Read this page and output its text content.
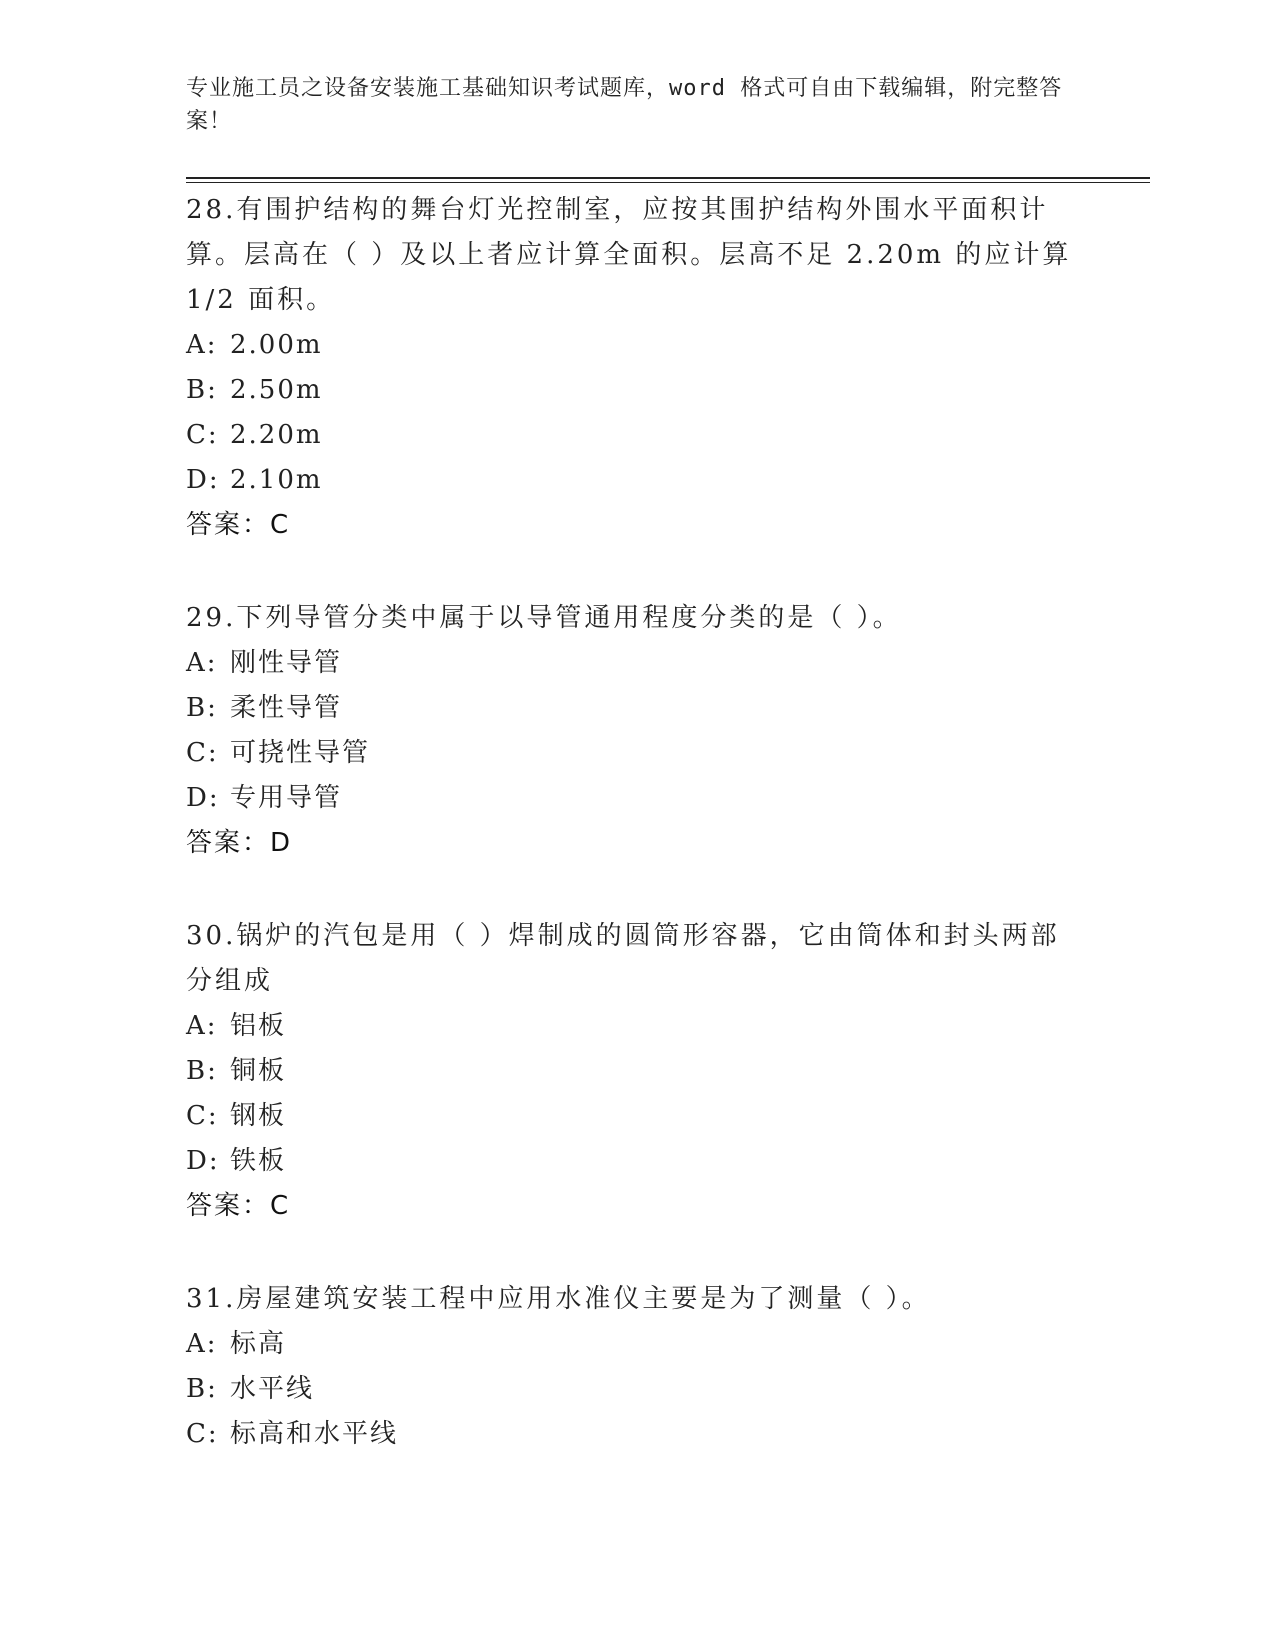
专业施工员之设备安装施工基础知识考试题库，word 格式可自由下载编辑，附完整答案！

28.有围护结构的舞台灯光控制室，应按其围护结构外围水平面积计算。层高在（ ）及以上者应计算全面积。层高不足 2.20m 的应计算 1/2 面积。

A: 2.00m

B: 2.50m

C: 2.20m

D: 2.10m

答案：C

29.下列导管分类中属于以导管通用程度分类的是（ ）。

A: 刚性导管

B: 柔性导管

C: 可挠性导管

D: 专用导管

答案：D

30.锅炉的汽包是用（ ）焊制成的圆筒形容器，它由筒体和封头两部分组成

A: 铝板

B: 铜板

C: 钢板

D: 铁板

答案：C

31.房屋建筑安装工程中应用水准仪主要是为了测量（ ）。

A: 标高

B: 水平线

C: 标高和水平线
